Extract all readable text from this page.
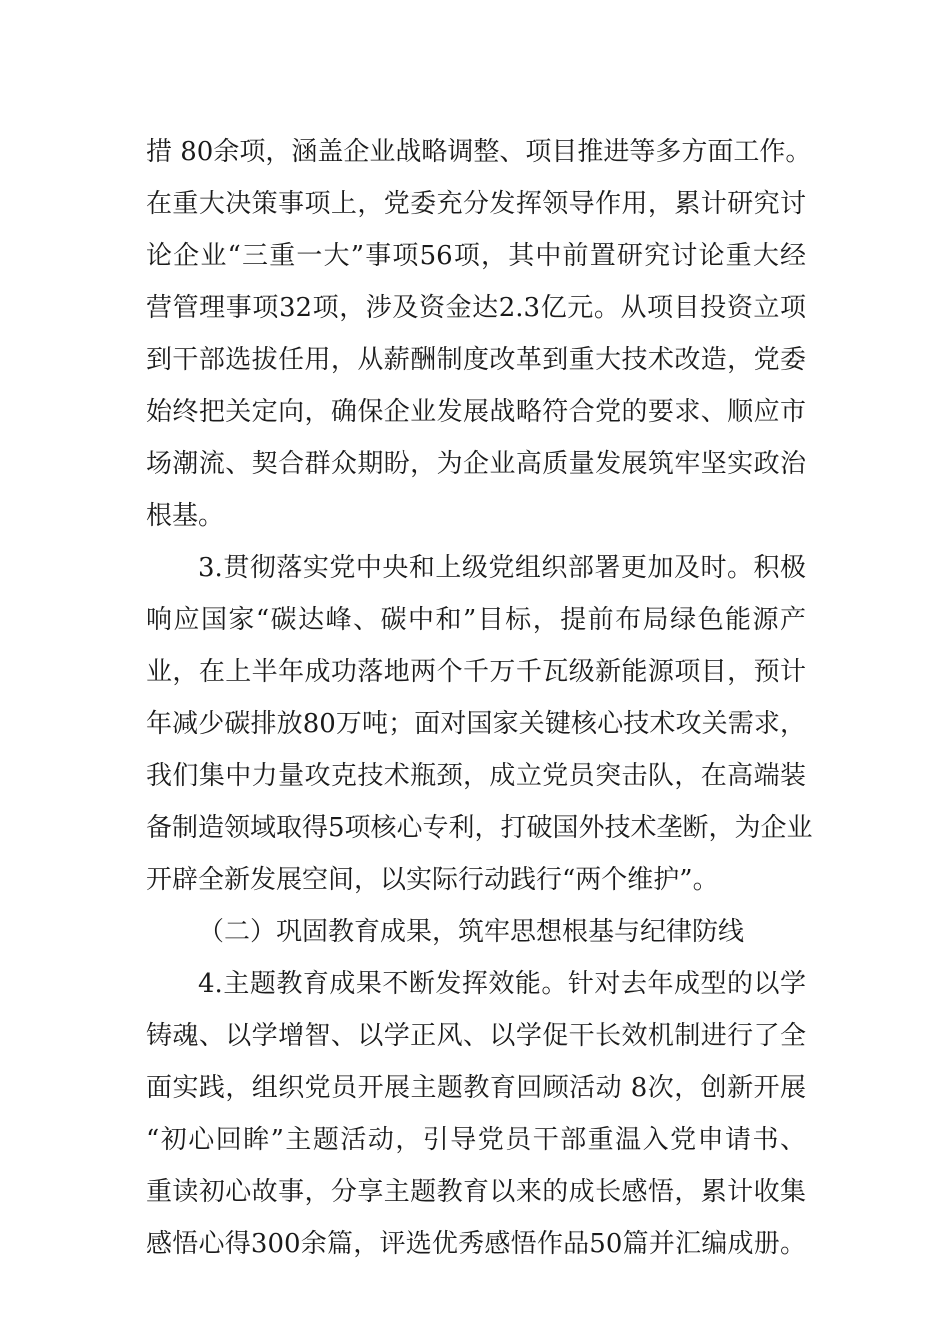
措 80余项，涵盖企业战略调整、项目推进等多方面工作。
在重大决策事项上，党委充分发挥领导作用，累计研究讨
论企业“三重一大”事项56项，其中前置研究讨论重大经
营管理事项32项，涉及资金达2.3亿元。从项目投资立项
到干部选拔任用，从薪酬制度改革到重大技术改造，党委
始终把关定向，确保企业发展战略符合党的要求、顺应市
场潮流、契合群众期盼，为企业高质量发展筑牢坚实政治
根基。
3.贯彻落实党中央和上级党组织部署更加及时。积极
响应国家“碳达峰、碳中和”目标，提前布局绿色能源产
业，在上半年成功落地两个千万千瓦级新能源项目，预计
年减少碳排放80万吨；面对国家关键核心技术攻关需求，
我们集中力量攻克技术瓶颈，成立党员突击队，在高端装
备制造领域取得5项核心专利，打破国外技术垄断，为企业
开辟全新发展空间，以实际行动践行“两个维护”。
（二）巩固教育成果，筑牢思想根基与纪律防线
4.主题教育成果不断发挥效能。针对去年成型的以学
铸魂、以学增智、以学正风、以学促干长效机制进行了全
面实践，组织党员开展主题教育回顾活动 8次，创新开展
“初心回眸”主题活动，引导党员干部重温入党申请书、
重读初心故事，分享主题教育以来的成长感悟，累计收集
感悟心得300余篇，评选优秀感悟作品50篇并汇编成册。
